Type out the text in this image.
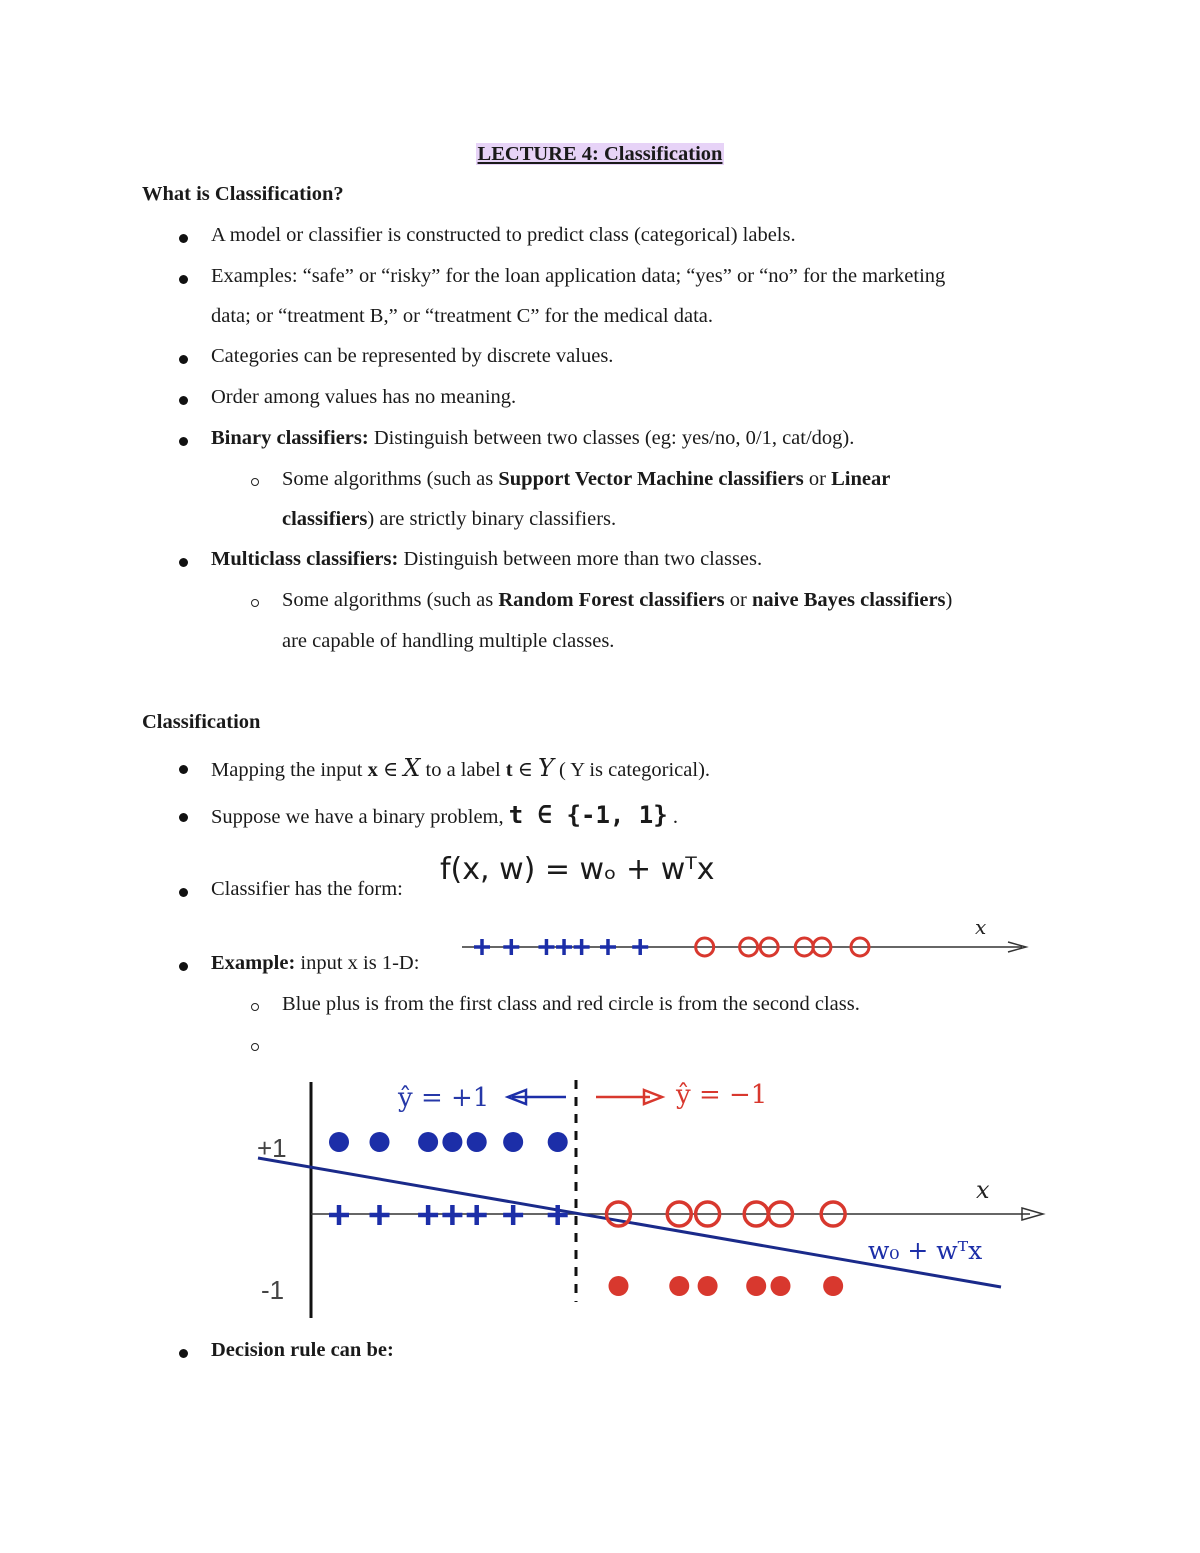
LECTURE 4: Classification
What is Classification?
A model or classifier is constructed to predict class (categorical) labels.
Examples: “safe” or “risky” for the loan application data; “yes” or “no” for the marketing
data; or “treatment B,” or “treatment C” for the medical data.
Categories can be represented by discrete values.
Order among values has no meaning.
Binary classifiers: Distinguish between two classes (eg: yes/no, 0/1, cat/dog).
Some algorithms (such as Support Vector Machine classifiers or Linear
classifiers) are strictly binary classifiers.
Multiclass classifiers: Distinguish between more than two classes.
Some algorithms (such as Random Forest classifiers or naive Bayes classifiers)
are capable of handling multiple classes.
Classification
Mapping the input x ∈ X to a label t ∈ Y ( Y is categorical).
Suppose we have a binary problem, t ∈ {-1, 1} .
Classifier has the form:
f(x, w) = wₒ + wᵀx
Example: input x is 1-D:
x
Blue plus is from the first class and red circle is from the second class.
+1
-1
x
ŷ = +1	ŷ = −1
w₀ + wᵀx
Decision rule can be:
